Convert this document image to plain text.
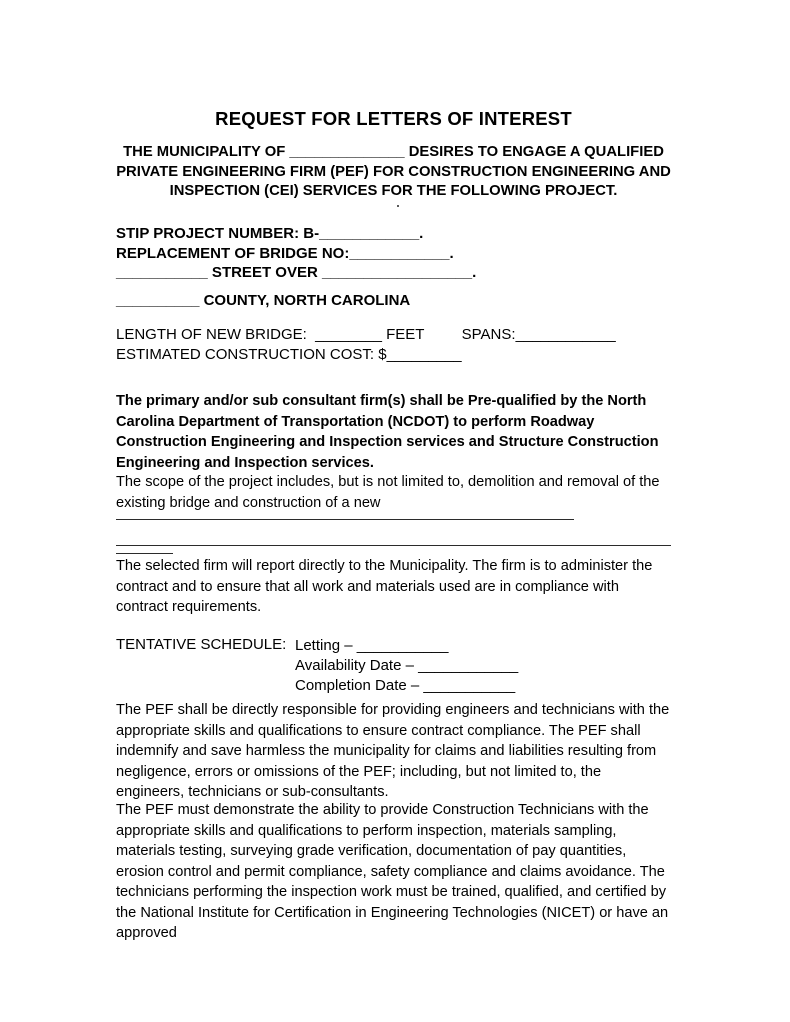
REQUEST FOR LETTERS OF INTEREST
THE MUNICIPALITY OF ______________ DESIRES TO ENGAGE A QUALIFIED
PRIVATE ENGINEERING FIRM (PEF) FOR CONSTRUCTION ENGINEERING AND
INSPECTION (CEI) SERVICES FOR THE FOLLOWING PROJECT.
STIP PROJECT NUMBER: B-____________.
REPLACEMENT OF BRIDGE NO:____________.
___________ STREET OVER __________________.
__________ COUNTY, NORTH CAROLINA
LENGTH OF NEW BRIDGE:  ________ FEET         SPANS:____________
ESTIMATED CONSTRUCTION COST: $_________
The primary and/or sub consultant firm(s) shall be Pre-qualified by the North Carolina Department of Transportation (NCDOT) to perform Roadway Construction Engineering and Inspection services and Structure Construction Engineering and Inspection services.
The scope of the project includes, but is not limited to, demolition and removal of the existing bridge and construction of a new
The selected firm will report directly to the Municipality. The firm is to administer the contract and to ensure that all work and materials used are in compliance with contract requirements.
TENTATIVE SCHEDULE: Letting – ___________
Availability Date – ____________
Completion Date – ___________
The PEF shall be directly responsible for providing engineers and technicians with the appropriate skills and qualifications to ensure contract compliance. The PEF shall indemnify and save harmless the municipality for claims and liabilities resulting from negligence, errors or omissions of the PEF; including, but not limited to, the engineers, technicians or sub-consultants.
The PEF must demonstrate the ability to provide Construction Technicians with the appropriate skills and qualifications to perform inspection, materials sampling, materials testing, surveying grade verification, documentation of pay quantities, erosion control and permit compliance, safety compliance and claims avoidance. The technicians performing the inspection work must be trained, qualified, and certified by the National Institute for Certification in Engineering Technologies (NICET) or have an approved
